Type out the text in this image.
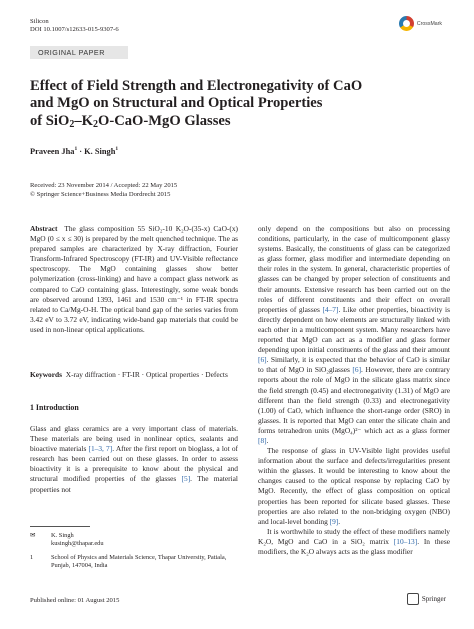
Silicon
DOI 10.1007/s12633-015-9307-6
CrossMark
ORIGINAL PAPER
Effect of Field Strength and Electronegativity of CaO
and MgO on Structural and Optical Properties
of $SiO_2-K_2O-CaO$-MgO Glasses
Praveen Jha$^1$ · K. Singh$^1$
Received: 23 November 2014 / Accepted: 22 May 2015
© Springer Science+Business Media Dordrecht 2015

Abstract The glass composition 55 SiO₂-10 K₂O-(35-x) CaO-(x) MgO (0 ≤ x ≤ 30) is prepared by the melt quenched technique. The as prepared samples are characterized by X-ray diffraction, Fourier Transform-Infrared Spectroscopy (FT-IR) and UV-Visible reflectance spectroscopy. The MgO containing glasses show better polymerization (cross-linking) and have a compact glass network as compared to CaO containing glass. Interestingly, some weak bonds are observed around 1393, 1461 and 1530 cm⁻¹ in FT-IR spectra related to Ca/Mg-O-H. The optical band gap of the series varies from 3.42 eV to 3.72 eV, indicating wide-band gap materials that could be used in non-linear optical applications.

Keywords X-ray diffraction · FT-IR · Optical properties · Defects

1 Introduction

Glass and glass ceramics are a very important class of materials. These materials are being used in nonlinear optics, sealants and bioactive materials [1–3, 7]. After the first report on bioglass, a lot of research has been carried out on these glasses. In order to assess bioactivity it is a prerequisite to know about the physical and structural modified properties of the glasses [5]. The material properties not

✉ K. Singh
kusingh@thapar.edu
1	School of Physics and Materials Science, Thapar University, Patiala, Punjab, 147004, India

only depend on the compositions but also on processing conditions, particularly, in the case of multicomponent glassy systems. Basically, the constituents of glass can be categorized as glass former, glass modifier and intermediate depending on their roles in the system. In general, characteristic properties of glasses can be changed by proper selection of constituents and their amounts. Extensive research has been carried out on the roles of different constituents and their effect on overall properties of glasses [4–7]. Like other properties, bioactivity is directly dependent on how elements are structurally linked with each other in a multicomponent system. Many researchers have reported that MgO can act as a modifier and glass former depending upon initial constituents of the glass and their amount [6]. Similarly, it is expected that the behavior of CaO is similar to that of MgO in SiO₂glasses [6]. However, there are contrary reports about the role of MgO in the silicate glass matrix since the field strength (0.45) and electronegativity (1.31) of MgO are different than the field strength (0.33) and electronegativity (1.00) of CaO, which influence the short-range order (SRO) in glasses. It is reported that MgO can enter the silicate chain and forms tetrahedron units (MgO₄)²⁻ which act as a glass former [8].

The response of glass in UV-Visible light provides useful information about the surface and defects/irregularities present within the glasses. It would be interesting to know about the changes caused to the optical response by replacing CaO by MgO. Recently, the effect of glass composition on optical properties has been reported for silicate based glasses. These properties are also related to the non-bridging oxygen (NBO) and local-level bonding [9].

It is worthwhile to study the effect of these modifiers namely K₂O, MgO and CaO in a SiO₂ matrix [10–13]. In these modifiers, the K₂O always acts as the glass modifier

Published online: 01 August 2015	Springer
